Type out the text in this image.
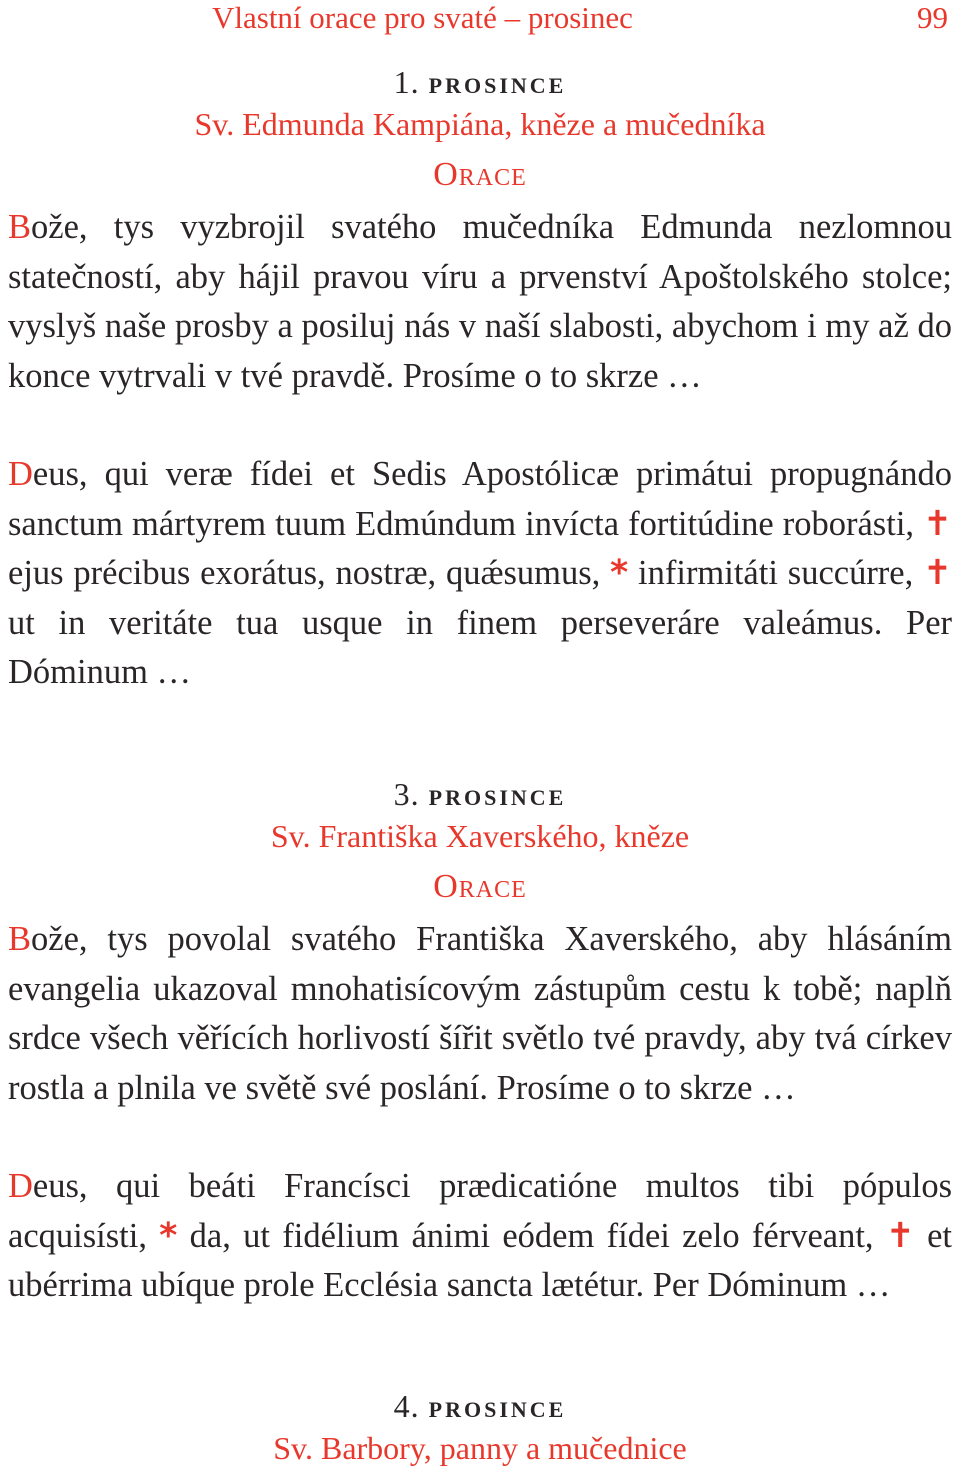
Vlastní orace pro svaté – prosinec	99
1. prosince
Sv. Edmunda Kampiána, kněze a mučedníka
Orace
Bože, tys vyzbrojil svatého mučedníka Edmunda nezlomnou statečností, aby hájil pravou víru a prvenství Apoštolského stolce; vyslyš naše prosby a posiluj nás v naší slabosti, abychom i my až do konce vytrvali v tvé pravdě. Prosíme o to skrze …
Deus, qui veræ fídei et Sedis Apostólicæ primátui propugnándo sanctum mártyrem tuum Edmúndum invícta fortitúdine roborásti, ✝ ejus précibus exorátus, nostræ, quǽsumus, * infirmitáti succúrre, ✝ ut in veritáte tua usque in finem perseveráre valeámus. Per Dóminum …
3. prosince
Sv. Františka Xaverského, kněze
Orace
Bože, tys povolal svatého Františka Xaverského, aby hlásáním evangelia ukazoval mnohatisícovým zástupům cestu k tobě; naplň srdce všech věřících horlivostí šířit světlo tvé pravdy, aby tvá církev rostla a plnila ve světě své poslání. Prosíme o to skrze …
Deus, qui beáti Francísci prædicatióne multos tibi pópulos acquisísti, * da, ut fidélium ánimi eódem fídei zelo férveant, ✝ et ubérrima ubíque prole Ecclésia sancta lætétur. Per Dóminum …
4. prosince
Sv. Barbory, panny a mučednice
